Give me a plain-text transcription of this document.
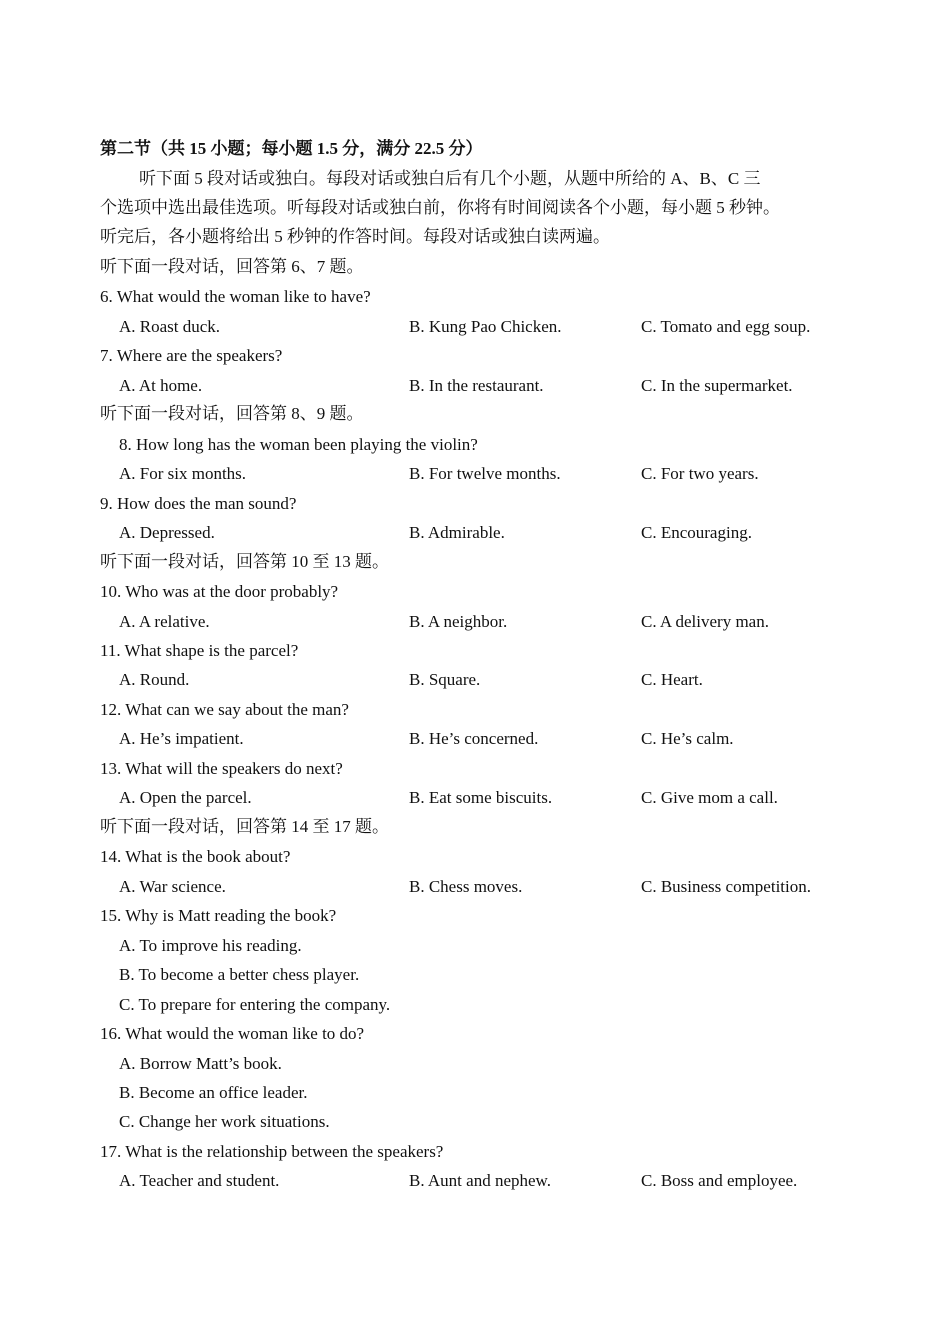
第二节（共 15 小题；每小题 1.5 分，满分 22.5 分）
听下面 5 段对话或独白。每段对话或独白后有几个小题，从题中所给的 A、B、C 三
个选项中选出最佳选项。听每段对话或独白前，你将有时间阅读各个小题，每小题 5 秒钟。
听完后，各小题将给出 5 秒钟的作答时间。每段对话或独白读两遍。
听下面一段对话，回答第 6、7 题。
6. What would the woman like to have?
A. Roast duck.	B. Kung Pao Chicken.	C. Tomato and egg soup.
7. Where are the speakers?
A. At home.	B. In the restaurant.	C. In the supermarket.
听下面一段对话，回答第 8、9 题。
8. How long has the woman been playing the violin?
A. For six months.	B. For twelve months.	C. For two years.
9. How does the man sound?
A. Depressed.	B. Admirable.	C. Encouraging.
听下面一段对话，回答第 10 至 13 题。
10. Who was at the door probably?
A. A relative.	B. A neighbor.	C. A delivery man.
11. What shape is the parcel?
A. Round.	B. Square.	C. Heart.
12. What can we say about the man?
A. He’s impatient.	B. He’s concerned.	C. He’s calm.
13. What will the speakers do next?
A. Open the parcel.	B. Eat some biscuits.	C. Give mom a call.
听下面一段对话，回答第 14 至 17 题。
14. What is the book about?
A. War science.	B. Chess moves.	C. Business competition.
15. Why is Matt reading the book?
A. To improve his reading.
B. To become a better chess player.
C. To prepare for entering the company.
16. What would the woman like to do?
A. Borrow Matt’s book.
B. Become an office leader.
C. Change her work situations.
17. What is the relationship between the speakers?
A. Teacher and student.	B. Aunt and nephew.	C. Boss and employee.
